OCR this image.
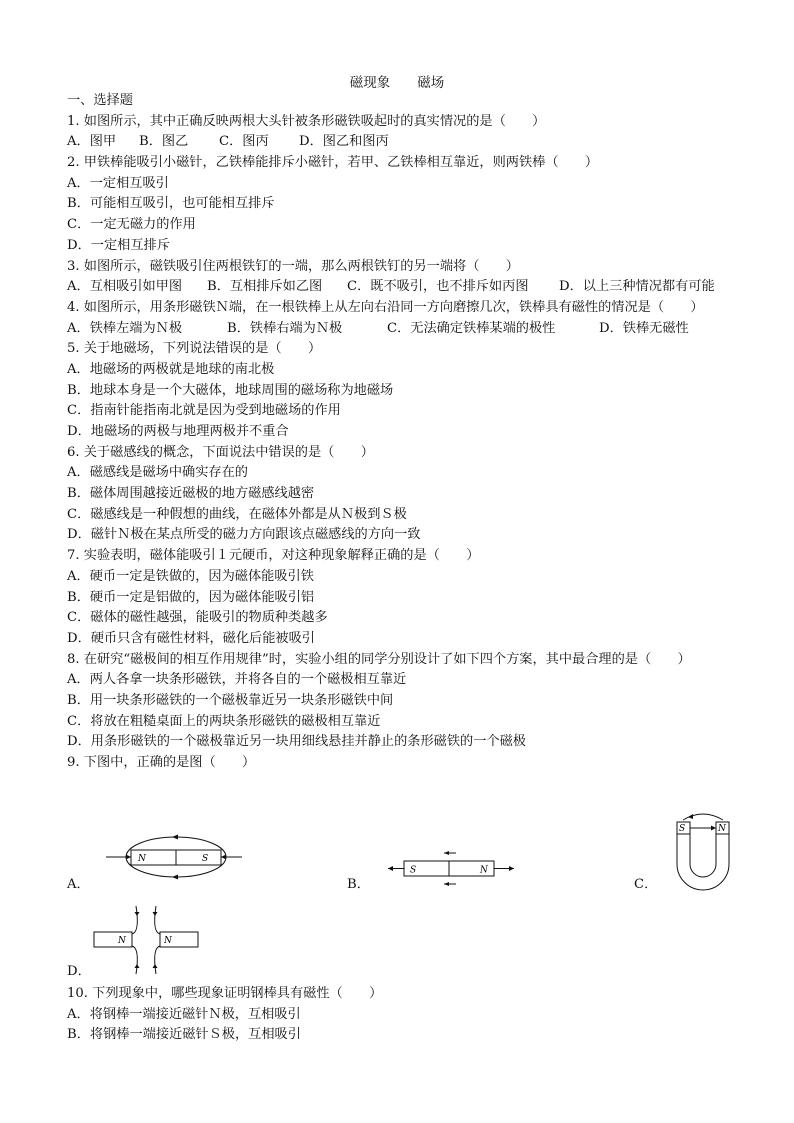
磁现象　　磁场
一、选择题
1. 如图所示，其中正确反映两根大头针被条形磁铁吸起时的真实情况的是（　　）
A．图甲	B．图乙	C．图丙	D．图乙和图丙
2. 甲铁棒能吸引小磁针，乙铁棒能排斥小磁针，若甲、乙铁棒相互靠近，则两铁棒（　　）
A．一定相互吸引
B．可能相互吸引，也可能相互排斥
C．一定无磁力的作用
D．一定相互排斥
3. 如图所示，磁铁吸引住两根铁钉的一端，那么两根铁钉的另一端将（　　）
A．互相吸引如甲图	B．互相排斥如乙图	C．既不吸引，也不排斥如丙图	D．以上三种情况都有可能
4. 如图所示，用条形磁铁Ｎ端，在一根铁棒上从左向右沿同一方向磨擦几次，铁棒具有磁性的情况是（　　）
A．铁棒左端为Ｎ极	B．铁棒右端为Ｎ极	C．无法确定铁棒某端的极性	D．铁棒无磁性
5. 关于地磁场，下列说法错误的是（　　）
A．地磁场的两极就是地球的南北极
B．地球本身是一个大磁体，地球周围的磁场称为地磁场
C．指南针能指南北就是因为受到地磁场的作用
D．地磁场的两极与地理两极并不重合
6. 关于磁感线的概念，下面说法中错误的是（　　）
A．磁感线是磁场中确实存在的
B．磁体周围越接近磁极的地方磁感线越密
C．磁感线是一种假想的曲线，在磁体外都是从Ｎ极到Ｓ极
D．磁针Ｎ极在某点所受的磁力方向跟该点磁感线的方向一致
7. 实验表明，磁体能吸引１元硬币，对这种现象解释正确的是（　　）
A．硬币一定是铁做的，因为磁体能吸引铁
B．硬币一定是铝做的，因为磁体能吸引铝
C．磁体的磁性越强，能吸引的物质种类越多
D．硬币只含有磁性材料，磁化后能被吸引
8. 在研究“磁极间的相互作用规律”时，实验小组的同学分别设计了如下四个方案，其中最合理的是（　　）
A．两人各拿一块条形磁铁，并将各自的一个磁极相互靠近
B．用一块条形磁铁的一个磁极靠近另一块条形磁铁中间
C．将放在粗糙桌面上的两块条形磁铁的磁极相互靠近
D．用条形磁铁的一个磁极靠近另一块用细线悬挂并静止的条形磁铁的一个磁极
9. 下图中，正确的是图（　　）
A．
N	S
B．
S	N
C．
S	N
D．
N	N
10. 下列现象中，哪些现象证明钢棒具有磁性（　　）
A．将钢棒一端接近磁针Ｎ极，互相吸引
B．将钢棒一端接近磁针Ｓ极，互相吸引
